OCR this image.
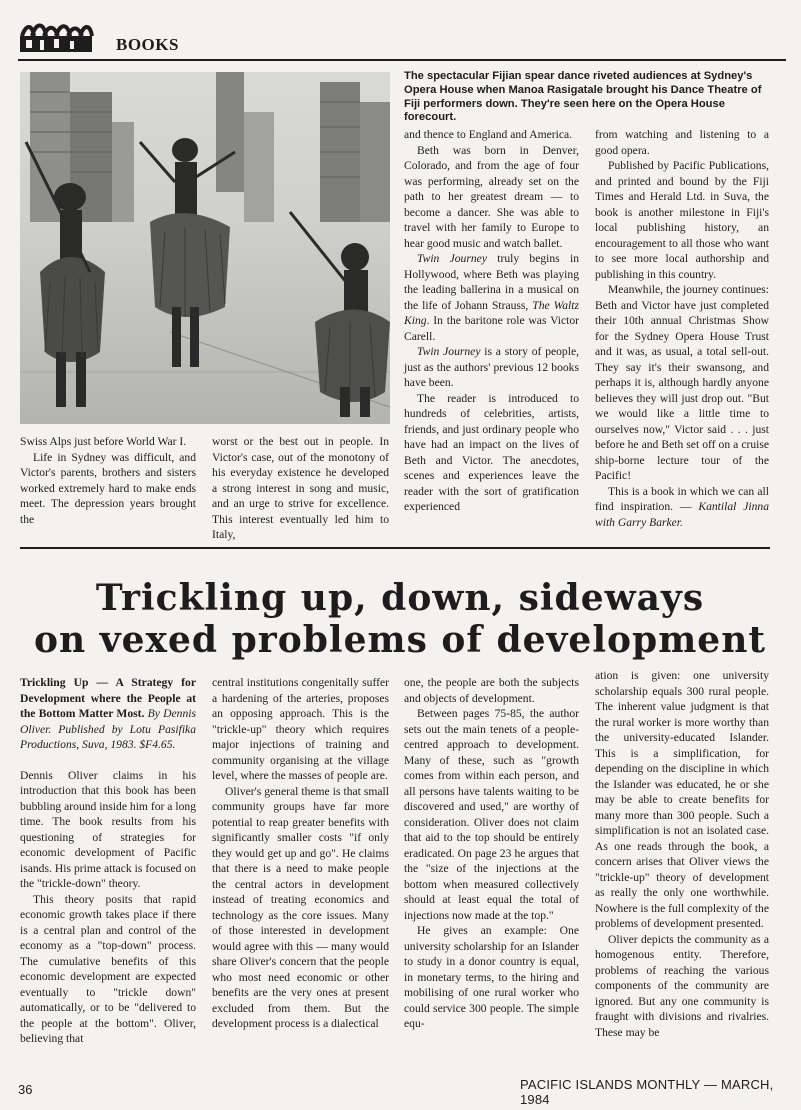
BOOKS
The spectacular Fijian spear dance riveted audiences at Sydney's Opera House when Manoa Rasigatale brought his Dance Theatre of Fiji performers down. They're seen here on the Opera House forecourt.

Swiss Alps just before World War I.

Life in Sydney was difficult, and Victor's parents, brothers and sisters worked extremely hard to make ends meet. The depression years brought the

worst or the best out in people. In Victor's case, out of the monotony of his everyday existence he developed a strong interest in song and music, and an urge to strive for excellence. This interest eventually led him to Italy,

and thence to England and America.

Beth was born in Denver, Colorado, and from the age of four was performing, already set on the path to her greatest dream — to become a dancer. She was able to travel with her family to Europe to hear good music and watch ballet.

Twin Journey truly begins in Hollywood, where Beth was playing the leading ballerina in a musical on the life of Johann Strauss, The Waltz King. In the baritone role was Victor Carell.

Twin Journey is a story of people, just as the authors' previous 12 books have been.

The reader is introduced to hundreds of celebrities, artists, friends, and just ordinary people who have had an impact on the lives of Beth and Victor. The anecdotes, scenes and experiences leave the reader with the sort of gratification experienced

from watching and listening to a good opera.

Published by Pacific Publications, and printed and bound by the Fiji Times and Herald Ltd. in Suva, the book is another milestone in Fiji's local publishing history, an encouragement to all those who want to see more local authorship and publishing in this country.

Meanwhile, the journey continues: Beth and Victor have just completed their 10th annual Christmas Show for the Sydney Opera House Trust and it was, as usual, a total sell-out. They say it's their swansong, and perhaps it is, although hardly anyone believes they will just drop out. "But we would like a little time to ourselves now," Victor said . . . just before he and Beth set off on a cruise ship-borne lecture tour of the Pacific!

This is a book in which we can all find inspiration. — Kantilal Jinna with Garry Barker.

Trickling up, down, sideways
on vexed problems of development

Trickling Up — A Strategy for Development where the People at the Bottom Matter Most. By Dennis Oliver. Published by Lotu Pasifika Productions, Suva, 1983. $F4.65.

Dennis Oliver claims in his introduction that this book has been bubbling around inside him for a long time. The book results from his questioning of strategies for economic development of Pacific isands. His prime attack is focused on the "trickle-down" theory.

This theory posits that rapid economic growth takes place if there is a central plan and control of the economy as a "top-down" process. The cumulative benefits of this economic development are expected eventually to "trickle down" automatically, or to be "delivered to the people at the bottom". Oliver, believing that

central institutions congenitally suffer a hardening of the arteries, proposes an opposing approach. This is the "trickle-up" theory which requires major injections of training and community organising at the village level, where the masses of people are.

Oliver's general theme is that small community groups have far more potential to reap greater benefits with significantly smaller costs "if only they would get up and go". He claims that there is a need to make people the central actors in development instead of treating economics and technology as the core issues. Many of those interested in development would agree with this — many would share Oliver's concern that the people who most need economic or other benefits are the very ones at present excluded from them. But the development process is a dialectical

one, the people are both the subjects and objects of development.

Between pages 75-85, the author sets out the main tenets of a people-centred approach to development. Many of these, such as "growth comes from within each person, and all persons have talents waiting to be discovered and used," are worthy of consideration. Oliver does not claim that aid to the top should be entirely eradicated. On page 23 he argues that the "size of the injections at the bottom when measured collectively should at least equal the total of injections now made at the top."

He gives an example: One university scholarship for an Islander to study in a donor country is equal, in monetary terms, to the hiring and mobilising of one rural worker who could service 300 people. The simple equ-

ation is given: one university scholarship equals 300 rural people. The inherent value judgment is that the rural worker is more worthy than the university-educated Islander. This is a simplification, for depending on the discipline in which the Islander was educated, he or she may be able to create benefits for many more than 300 people. Such a simplification is not an isolated case. As one reads through the book, a concern arises that Oliver views the "trickle-up" theory of development as really the only one worthwhile. Nowhere is the full complexity of the problems of development presented.

Oliver depicts the community as a homogenous entity. Therefore, problems of reaching the various components of the community are ignored. But any one community is fraught with divisions and rivalries. These may be

36	PACIFIC ISLANDS MONTHLY — MARCH, 1984
